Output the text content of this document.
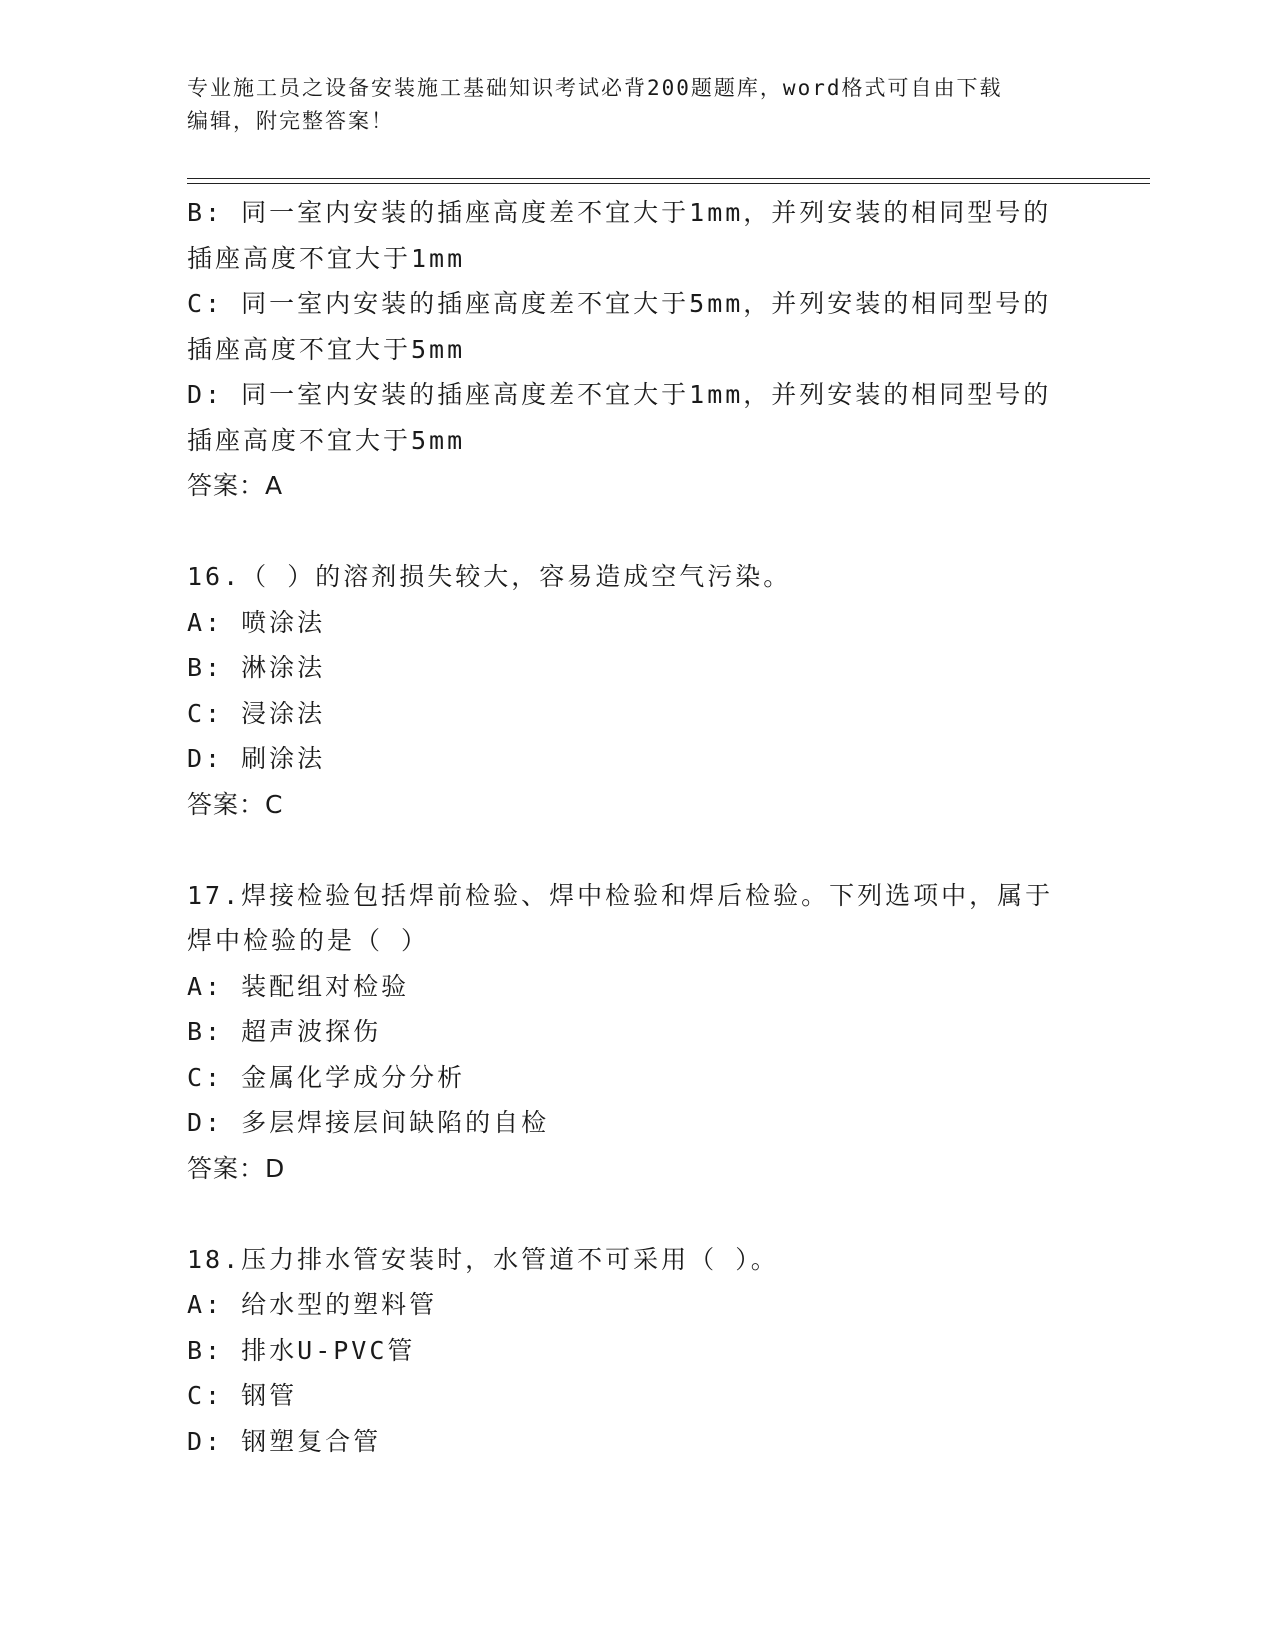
专业施工员之设备安装施工基础知识考试必背200题题库，word格式可自由下载
编辑，附完整答案！
B: 同一室内安装的插座高度差不宜大于1mm，并列安装的相同型号的
插座高度不宜大于1mm
C: 同一室内安装的插座高度差不宜大于5mm，并列安装的相同型号的
插座高度不宜大于5mm
D: 同一室内安装的插座高度差不宜大于1mm，并列安装的相同型号的
插座高度不宜大于5mm
答案：A
16.（ ）的溶剂损失较大，容易造成空气污染。
A: 喷涂法
B: 淋涂法
C: 浸涂法
D: 刷涂法
答案：C
17.焊接检验包括焊前检验、焊中检验和焊后检验。下列选项中，属于
焊中检验的是（ ）
A: 装配组对检验
B: 超声波探伤
C: 金属化学成分分析
D: 多层焊接层间缺陷的自检
答案：D
18.压力排水管安装时，水管道不可采用（ ）。
A: 给水型的塑料管
B: 排水U-PVC管
C: 钢管
D: 钢塑复合管
